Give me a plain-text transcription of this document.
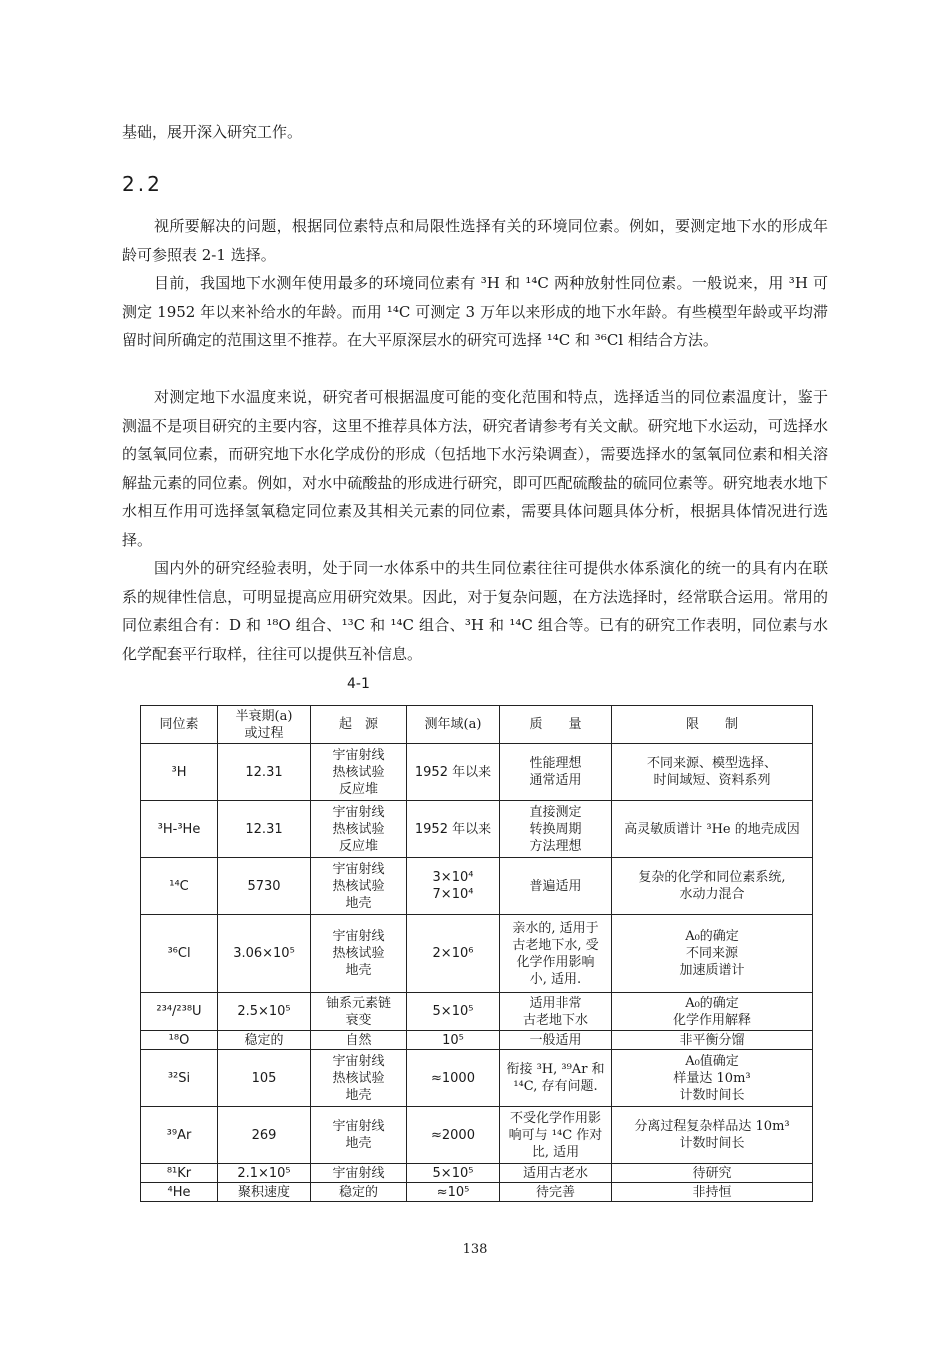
基础，展开深入研究工作。

2.2

视所要解决的问题，根据同位素特点和局限性选择有关的环境同位素。例如，要测定地下水的形成年龄可参照表 2-1 选择。

目前，我国地下水测年使用最多的环境同位素有 ³H 和 ¹⁴C 两种放射性同位素。一般说来，用 ³H 可测定 1952 年以来补给水的年龄。而用 ¹⁴C 可测定 3 万年以来形成的地下水年龄。有些模型年龄或平均滞留时间所确定的范围这里不推荐。在大平原深层水的研究可选择 ¹⁴C 和 ³⁶Cl 相结合方法。

对测定地下水温度来说，研究者可根据温度可能的变化范围和特点，选择适当的同位素温度计，鉴于测温不是项目研究的主要内容，这里不推荐具体方法，研究者请参考有关文献。研究地下水运动，可选择水的氢氧同位素，而研究地下水化学成份的形成（包括地下水污染调查），需要选择水的氢氧同位素和相关溶解盐元素的同位素。例如，对水中硫酸盐的形成进行研究，即可匹配硫酸盐的硫同位素等。研究地表水地下水相互作用可选择氢氧稳定同位素及其相关元素的同位素，需要具体问题具体分析，根据具体情况进行选择。

国内外的研究经验表明，处于同一水体系中的共生同位素往往可提供水体系演化的统一的具有内在联系的规律性信息，可明显提高应用研究效果。因此，对于复杂问题，在方法选择时，经常联合运用。常用的同位素组合有：D 和 ¹⁸O 组合、¹³C 和 ¹⁴C 组合、³H 和 ¹⁴C 组合等。已有的研究工作表明，同位素与水化学配套平行取样，往往可以提供互补信息。

4-1
同位素	半衰期(a)
或过程	起　源	测年域(a)	质　　量	限　　制
³H	12.31	宇宙射线
热核试验
反应堆	1952 年以来	性能理想
通常适用	不同来源、模型选择、
时间域短、资料系列

³H-³He	12.31	宇宙射线
热核试验
反应堆	1952 年以来	直接测定
转换周期
方法理想	高灵敏质谱计 ³He 的地壳成因

¹⁴C	5730	宇宙射线
热核试验
地壳	3×10⁴
7×10⁴	普遍适用	复杂的化学和同位素系统,
水动力混合

³⁶Cl	3.06×10⁵	宇宙射线
热核试验
地壳	2×10⁶	亲水的, 适用于
古老地下水, 受
化学作用影响
小, 适用.	A₀的确定
不同来源
加速质谱计

²³⁴/²³⁸U	2.5×10⁵	铀系元素链
衰变	5×10⁵	适用非常
古老地下水	A₀的确定
化学作用解释

¹⁸O	稳定的	自然	10⁵	一般适用	非平衡分馏

³²Si	105	宇宙射线
热核试验
地壳	≈1000	衔接 ³H, ³⁹Ar 和
¹⁴C, 存有问题.	A₀值确定
样量达 10m³
计数时间长

³⁹Ar	269	宇宙射线
地壳	≈2000	不受化学作用影
响可与 ¹⁴C 作对
比, 适用	分离过程复杂样品达 10m³
计数时间长

⁸¹Kr	2.1×10⁵	宇宙射线	5×10⁵	适用古老水	待研究

⁴He	聚积速度	稳定的	≈10⁵	待完善	非持恒
138
